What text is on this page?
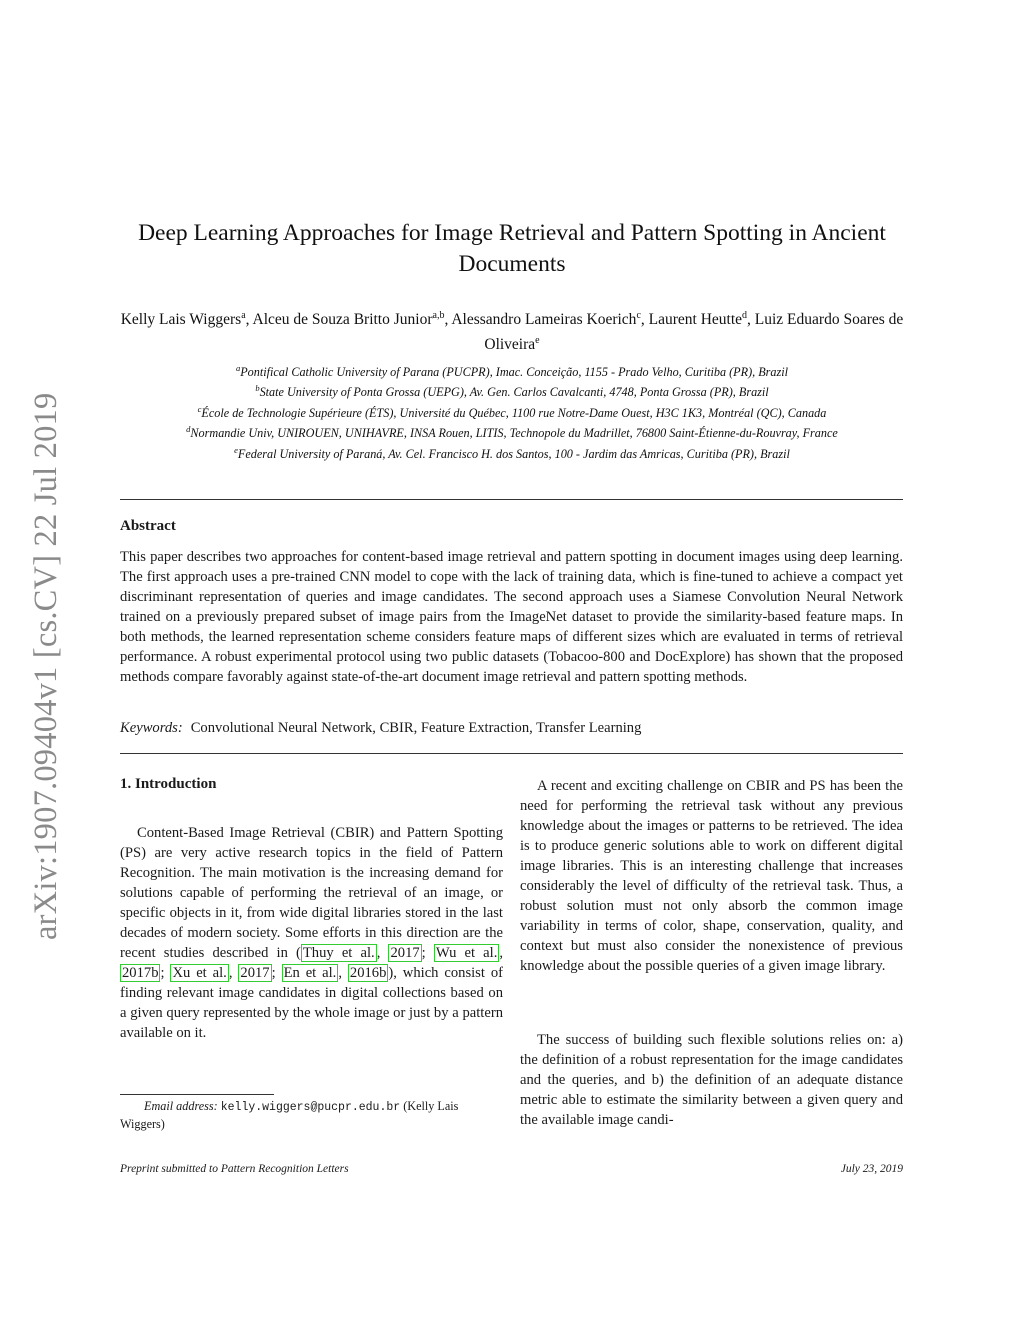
arXiv:1907.09404v1 [cs.CV] 22 Jul 2019
Deep Learning Approaches for Image Retrieval and Pattern Spotting in Ancient Documents
Kelly Lais Wiggers$^a$, Alceu de Souza Britto Junior$^{a,b}$, Alessandro Lameiras Koerich$^c$, Laurent Heutte$^d$, Luiz Eduardo Soares de Oliveira$^e$
$^a$Pontifical Catholic University of Parana (PUCPR), Imac. Conceição, 1155 - Prado Velho, Curitiba (PR), Brazil
$^b$State University of Ponta Grossa (UEPG), Av. Gen. Carlos Cavalcanti, 4748, Ponta Grossa (PR), Brazil
$^c$École de Technologie Supérieure (ÉTS), Université du Québec, 1100 rue Notre-Dame Ouest, H3C 1K3, Montréal (QC), Canada
$^d$Normandie Univ, UNIROUEN, UNIHAVRE, INSA Rouen, LITIS, Technopole du Madrillet, 76800 Saint-Étienne-du-Rouvray, France
$^e$Federal University of Paraná, Av. Cel. Francisco H. dos Santos, 100 - Jardim das Amricas, Curitiba (PR), Brazil
Abstract
This paper describes two approaches for content-based image retrieval and pattern spotting in document images using deep learning. The first approach uses a pre-trained CNN model to cope with the lack of training data, which is fine-tuned to achieve a compact yet discriminant representation of queries and image candidates. The second approach uses a Siamese Convolution Neural Network trained on a previously prepared subset of image pairs from the ImageNet dataset to provide the similarity-based feature maps. In both methods, the learned representation scheme considers feature maps of different sizes which are evaluated in terms of retrieval performance. A robust experimental protocol using two public datasets (Tobacoo-800 and DocExplore) has shown that the proposed methods compare favorably against state-of-the-art document image retrieval and pattern spotting methods.
Keywords: Convolutional Neural Network, CBIR, Feature Extraction, Transfer Learning
1. Introduction

Content-Based Image Retrieval (CBIR) and Pattern Spotting (PS) are very active research topics in the field of Pattern Recognition. The main motivation is the increasing demand for solutions capable of performing the retrieval of an image, or specific objects in it, from wide digital libraries stored in the last decades of modern society. Some efforts in this direction are the recent studies described in ( Thuy et al. , 2017 ; Wu et al. , 2017b ; Xu et al. , 2017 ; En et al. , 2016b ), which consist of finding relevant image candidates in digital collections based on a given query represented by the whole image or just by a pattern available on it.

Email address: kelly.wiggers@pucpr.edu.br (Kelly Lais Wiggers)

A recent and exciting challenge on CBIR and PS has been the need for performing the retrieval task without any previous knowledge about the images or patterns to be retrieved. The idea is to produce generic solutions able to work on different digital image libraries. This is an interesting challenge that increases considerably the level of difficulty of the retrieval task. Thus, a robust solution must not only absorb the common image variability in terms of color, shape, conservation, quality, and context but must also consider the nonexistence of previous knowledge about the possible queries of a given image library.

The success of building such flexible solutions relies on: a) the definition of a robust representation for the image candidates and the queries, and b) the definition of an adequate distance metric able to estimate the similarity between a given query and the available image candi-

Preprint submitted to Pattern Recognition Letters	July 23, 2019
